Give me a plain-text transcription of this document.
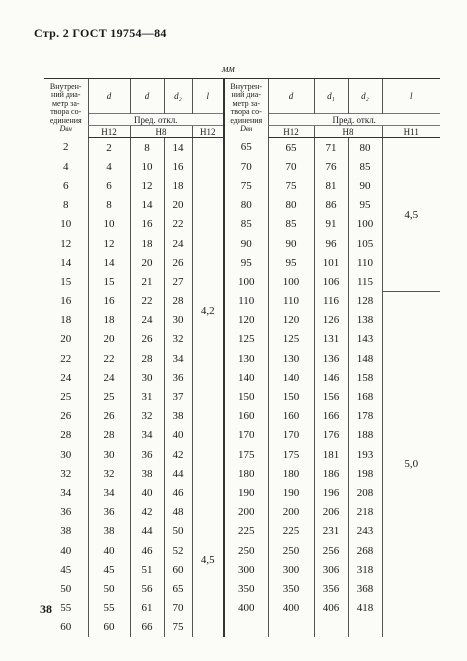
Стр. 2 ГОСТ 19754—84
мм
Внутрен-ний диа-метр за-твора со-единения
Dвн	d	d	d₂	l	Внутрен-ний диа-метр за-твора со-единения
Dвн	d	d₁	d₂	l
	Пред. откл.					Пред. откл.			
	H12	H8		H12		H12	H8		H11
2	2	8	14	4,2	65	65	71	80	4,5
4	4	10	16		70	70	76	85	
6	6	12	18		75	75	81	90	
8	8	14	20		80	80	86	95	
10	10	16	22		85	85	91	100	
12	12	18	24		90	90	96	105	
14	14	20	26		95	95	101	110	
15	15	21	27		100	100	106	115	
16	16	22	28		110	110	116	128	5,0
18	18	24	30		120	120	126	138	
20	20	26	32		125	125	131	143	
22	22	28	34		130	130	136	148	
24	24	30	36		140	140	146	158	
25	25	31	37		150	150	156	168	
26	26	32	38		160	160	166	178	
28	28	34	40		170	170	176	188	
30	30	36	42		175	175	181	193	
32	32	38	44		180	180	186	198	
34	34	40	46	4,5	190	190	196	208	
36	36	42	48		200	200	206	218	
38	38	44	50		225	225	231	243	
40	40	46	52		250	250	256	268	
45	45	51	60		300	300	306	318	
50	50	56	65		350	350	356	368	
55	55	61	70		400	400	406	418	
60	60	66	75						
38
